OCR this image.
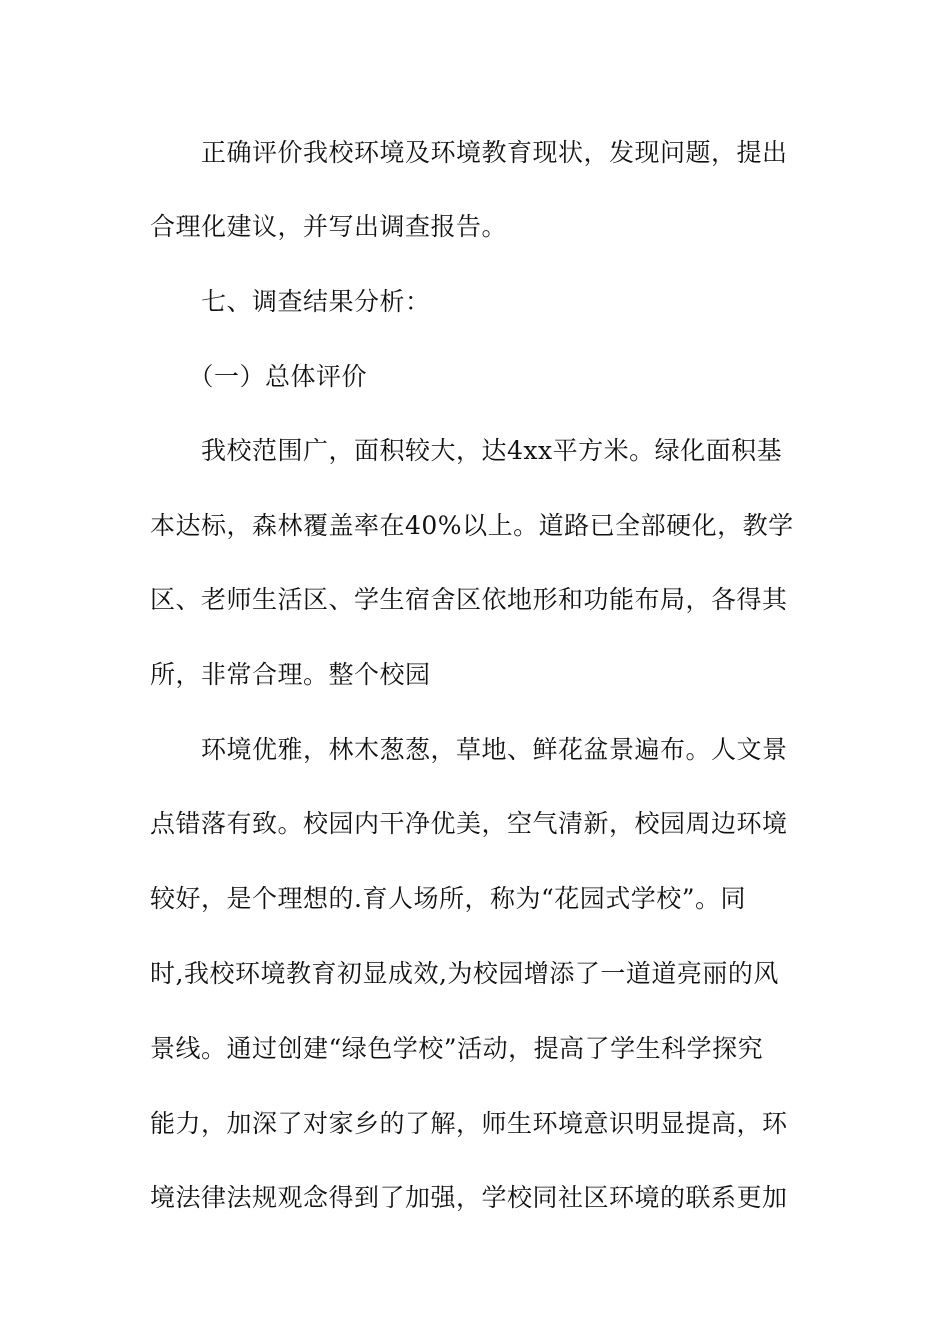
　　正确评价我校环境及环境教育现状，发现问题，提出
合理化建议，并写出调查报告。
　　七、调查结果分析：
　　（一）总体评价
　　我校范围广，面积较大，达4xx平方米。绿化面积基
本达标，森林覆盖率在40%以上。道路已全部硬化，教学
区、老师生活区、学生宿舍区依地形和功能布局，各得其
所，非常合理。整个校园
　　环境优雅，林木葱葱，草地、鲜花盆景遍布。人文景
点错落有致。校园内干净优美，空气清新，校园周边环境
较好，是个理想的.育人场所，称为“花园式学校”。同
时,我校环境教育初显成效,为校园增添了一道道亮丽的风
景线。通过创建“绿色学校”活动，提高了学生科学探究
能力，加深了对家乡的了解，师生环境意识明显提高，环
境法律法规观念得到了加强，学校同社区环境的联系更加
